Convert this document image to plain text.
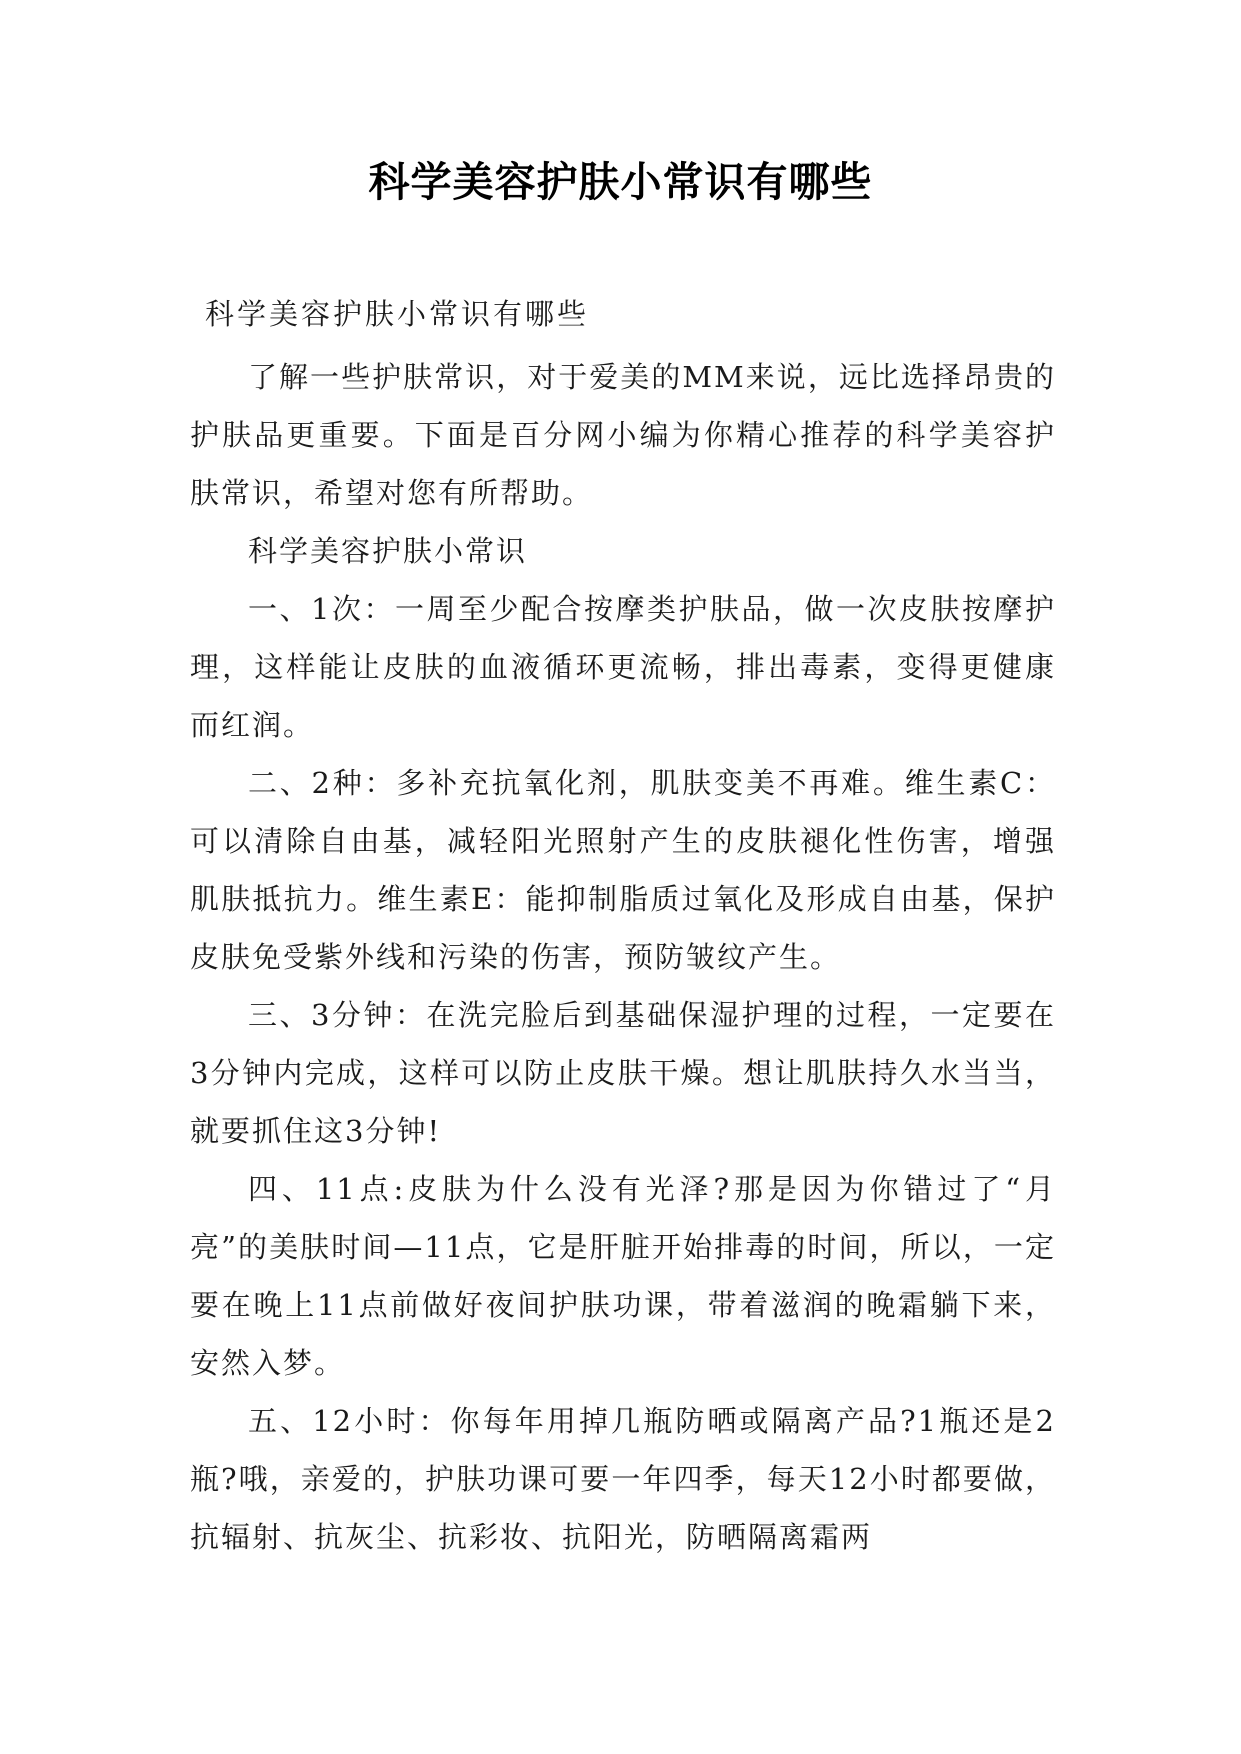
科学美容护肤小常识有哪些
科学美容护肤小常识有哪些

了解一些护肤常识，对于爱美的MM来说，远比选择昂贵的护肤品更重要。下面是百分网小编为你精心推荐的科学美容护肤常识，希望对您有所帮助。

科学美容护肤小常识

一、1次：一周至少配合按摩类护肤品，做一次皮肤按摩护理，这样能让皮肤的血液循环更流畅，排出毒素，变得更健康而红润。

二、2种：多补充抗氧化剂，肌肤变美不再难。维生素C：可以清除自由基，减轻阳光照射产生的皮肤褪化性伤害，增强肌肤抵抗力。维生素E：能抑制脂质过氧化及形成自由基，保护皮肤免受紫外线和污染的伤害，预防皱纹产生。

三、3分钟：在洗完脸后到基础保湿护理的过程，一定要在3分钟内完成，这样可以防止皮肤干燥。想让肌肤持久水当当，就要抓住这3分钟!

四、11点:皮肤为什么没有光泽?那是因为你错过了“月亮”的美肤时间—11点，它是肝脏开始排毒的时间，所以，一定要在晚上11点前做好夜间护肤功课，带着滋润的晚霜躺下来，安然入梦。

五、12小时：你每年用掉几瓶防晒或隔离产品?1瓶还是2瓶?哦，亲爱的，护肤功课可要一年四季，每天12小时都要做，抗辐射、抗灰尘、抗彩妆、抗阳光，防晒隔离霜两
